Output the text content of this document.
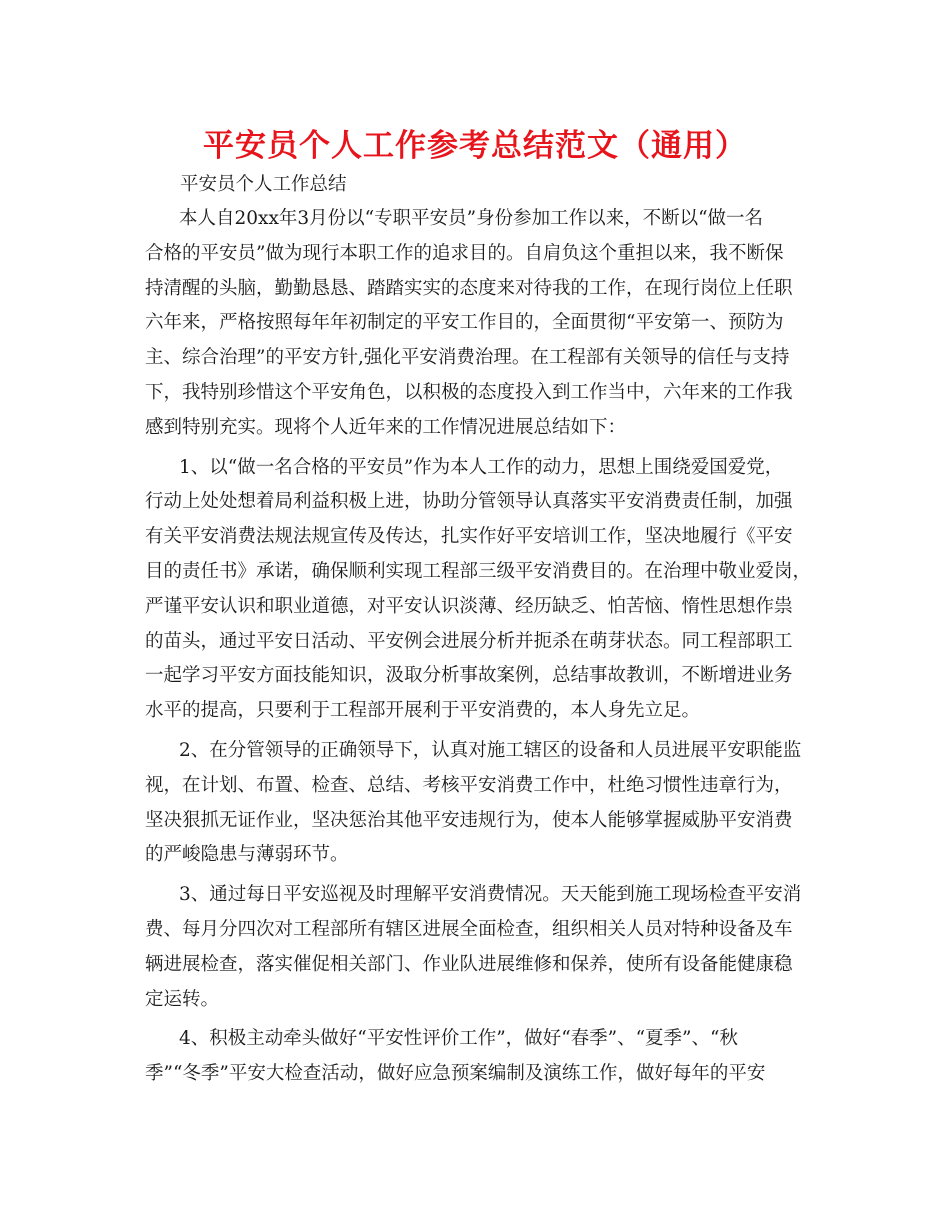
平安员个人工作参考总结范文（通用）
平安员个人工作总结
本人自20xx年3月份以“专职平安员”身份参加工作以来，不断以“做一名
合格的平安员”做为现行本职工作的追求目的。自肩负这个重担以来，我不断保
持清醒的头脑，勤勤恳恳、踏踏实实的态度来对待我的工作，在现行岗位上任职
六年来，严格按照每年年初制定的平安工作目的，全面贯彻“平安第一、预防为
主、综合治理”的平安方针,强化平安消费治理。在工程部有关领导的信任与支持
下，我特别珍惜这个平安角色，以积极的态度投入到工作当中，六年来的工作我
感到特别充实。现将个人近年来的工作情况进展总结如下：
1、以“做一名合格的平安员”作为本人工作的动力，思想上围绕爱国爱党，
行动上处处想着局利益积极上进，协助分管领导认真落实平安消费责任制，加强
有关平安消费法规法规宣传及传达，扎实作好平安培训工作，坚决地履行《平安
目的责任书》承诺，确保顺利实现工程部三级平安消费目的。在治理中敬业爱岗，
严谨平安认识和职业道德，对平安认识淡薄、经历缺乏、怕苦恼、惰性思想作祟
的苗头，通过平安日活动、平安例会进展分析并扼杀在萌芽状态。同工程部职工
一起学习平安方面技能知识，汲取分析事故案例，总结事故教训，不断增进业务
水平的提高，只要利于工程部开展利于平安消费的，本人身先立足。
2、在分管领导的正确领导下，认真对施工辖区的设备和人员进展平安职能监
视，在计划、布置、检查、总结、考核平安消费工作中，杜绝习惯性违章行为，
坚决狠抓无证作业，坚决惩治其他平安违规行为，使本人能够掌握威胁平安消费
的严峻隐患与薄弱环节。
3、通过每日平安巡视及时理解平安消费情况。天天能到施工现场检查平安消
费、每月分四次对工程部所有辖区进展全面检查，组织相关人员对特种设备及车
辆进展检查，落实催促相关部门、作业队进展维修和保养，使所有设备能健康稳
定运转。
4、积极主动牵头做好“平安性评价工作”，做好“春季”、“夏季”、“秋
季”“冬季”平安大检查活动，做好应急预案编制及演练工作，做好每年的平安
